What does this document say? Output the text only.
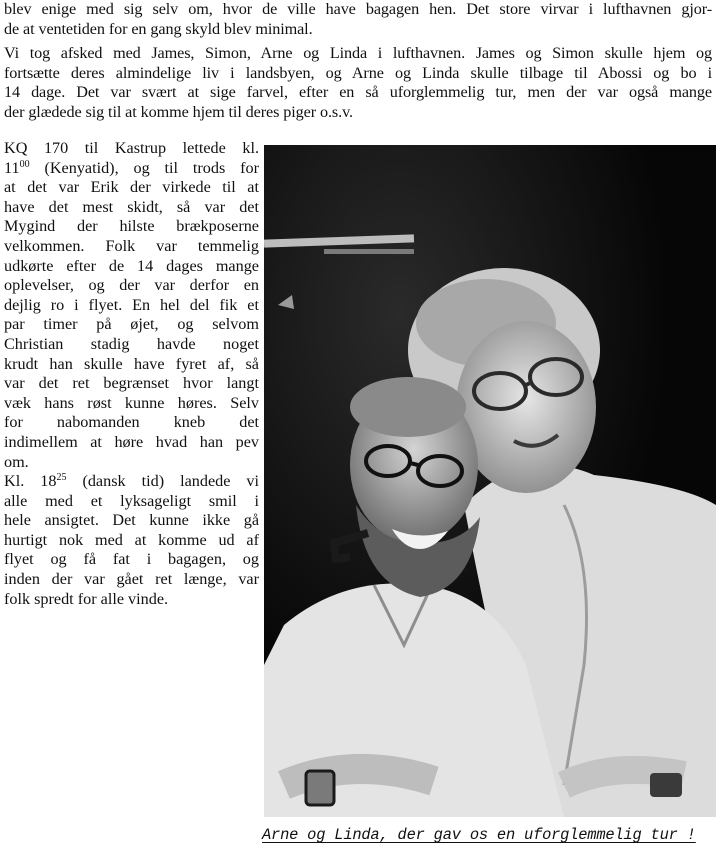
blev enige med sig selv om, hvor de ville have bagagen hen. Det store virvar i lufthavnen gjor-
de at ventetiden for en gang skyld blev minimal.
Vi tog afsked med James, Simon, Arne og Linda i lufthavnen. James og Simon skulle hjem og
fortsætte deres almindelige liv i landsbyen, og Arne og Linda skulle tilbage til Abossi og bo i
14 dage. Det var svært at sige farvel, efter en så uforglemmelig tur, men der var også mange
der glædede sig til at komme hjem til deres piger o.s.v.
KQ 170 til Kastrup lettede kl.
$11^{00}$ (Kenyatid), og til trods for
at det var Erik der virkede til at
have det mest skidt, så var det
Mygind der hilste brækposerne
velkommen. Folk var temmelig
udkørte efter de 14 dages mange
oplevelser, og der var derfor en
dejlig ro i flyet. En hel del fik et
par timer på øjet, og selvom
Christian stadig havde noget
krudt han skulle have fyret af, så
var det ret begrænset hvor langt
væk hans røst kunne høres. Selv
for nabomanden kneb det
indimellem at høre hvad han pev
om.
Kl. $18^{25}$ (dansk tid) landede vi
alle med et lyksageligt smil i
hele ansigtet. Det kunne ikke gå
hurtigt nok med at komme ud af
flyet og få fat i bagagen, og
inden der var gået ret længe, var
folk spredt for alle vinde.
Arne og Linda, der gav os en uforglemmelig tur !
